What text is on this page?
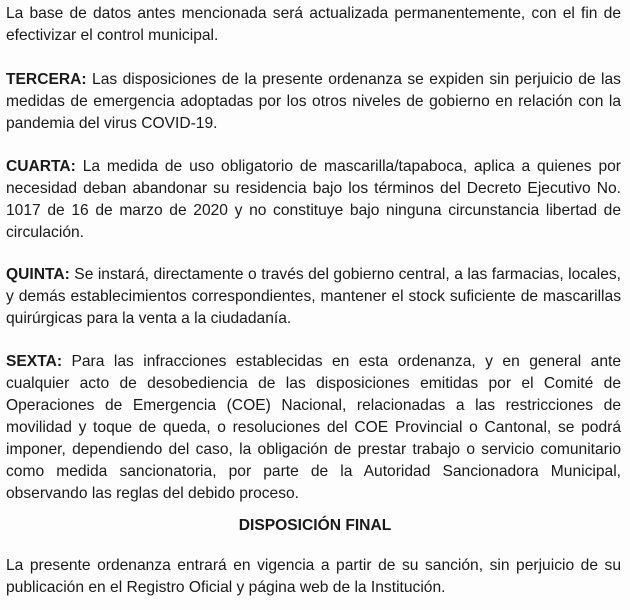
La base de datos antes mencionada será actualizada permanentemente, con el fin de efectivizar el control municipal.

TERCERA: Las disposiciones de la presente ordenanza se expiden sin perjuicio de las medidas de emergencia adoptadas por los otros niveles de gobierno en relación con la pandemia del virus COVID-19.

CUARTA: La medida de uso obligatorio de mascarilla/tapaboca, aplica a quienes por necesidad deban abandonar su residencia bajo los términos del Decreto Ejecutivo No. 1017 de 16 de marzo de 2020 y no constituye bajo ninguna circunstancia libertad de circulación.

QUINTA: Se instará, directamente o través del gobierno central, a las farmacias, locales, y demás establecimientos correspondientes, mantener el stock suficiente de mascarillas quirúrgicas para la venta a la ciudadanía.

SEXTA: Para las infracciones establecidas en esta ordenanza, y en general ante cualquier acto de desobediencia de las disposiciones emitidas por el Comité de Operaciones de Emergencia (COE) Nacional, relacionadas a las restricciones de movilidad y toque de queda, o resoluciones del COE Provincial o Cantonal, se podrá imponer, dependiendo del caso, la obligación de prestar trabajo o servicio comunitario como medida sancionatoria, por parte de la Autoridad Sancionadora Municipal, observando las reglas del debido proceso.

DISPOSICIÓN FINAL

La presente ordenanza entrará en vigencia a partir de su sanción, sin perjuicio de su publicación en el Registro Oficial y página web de la Institución.
